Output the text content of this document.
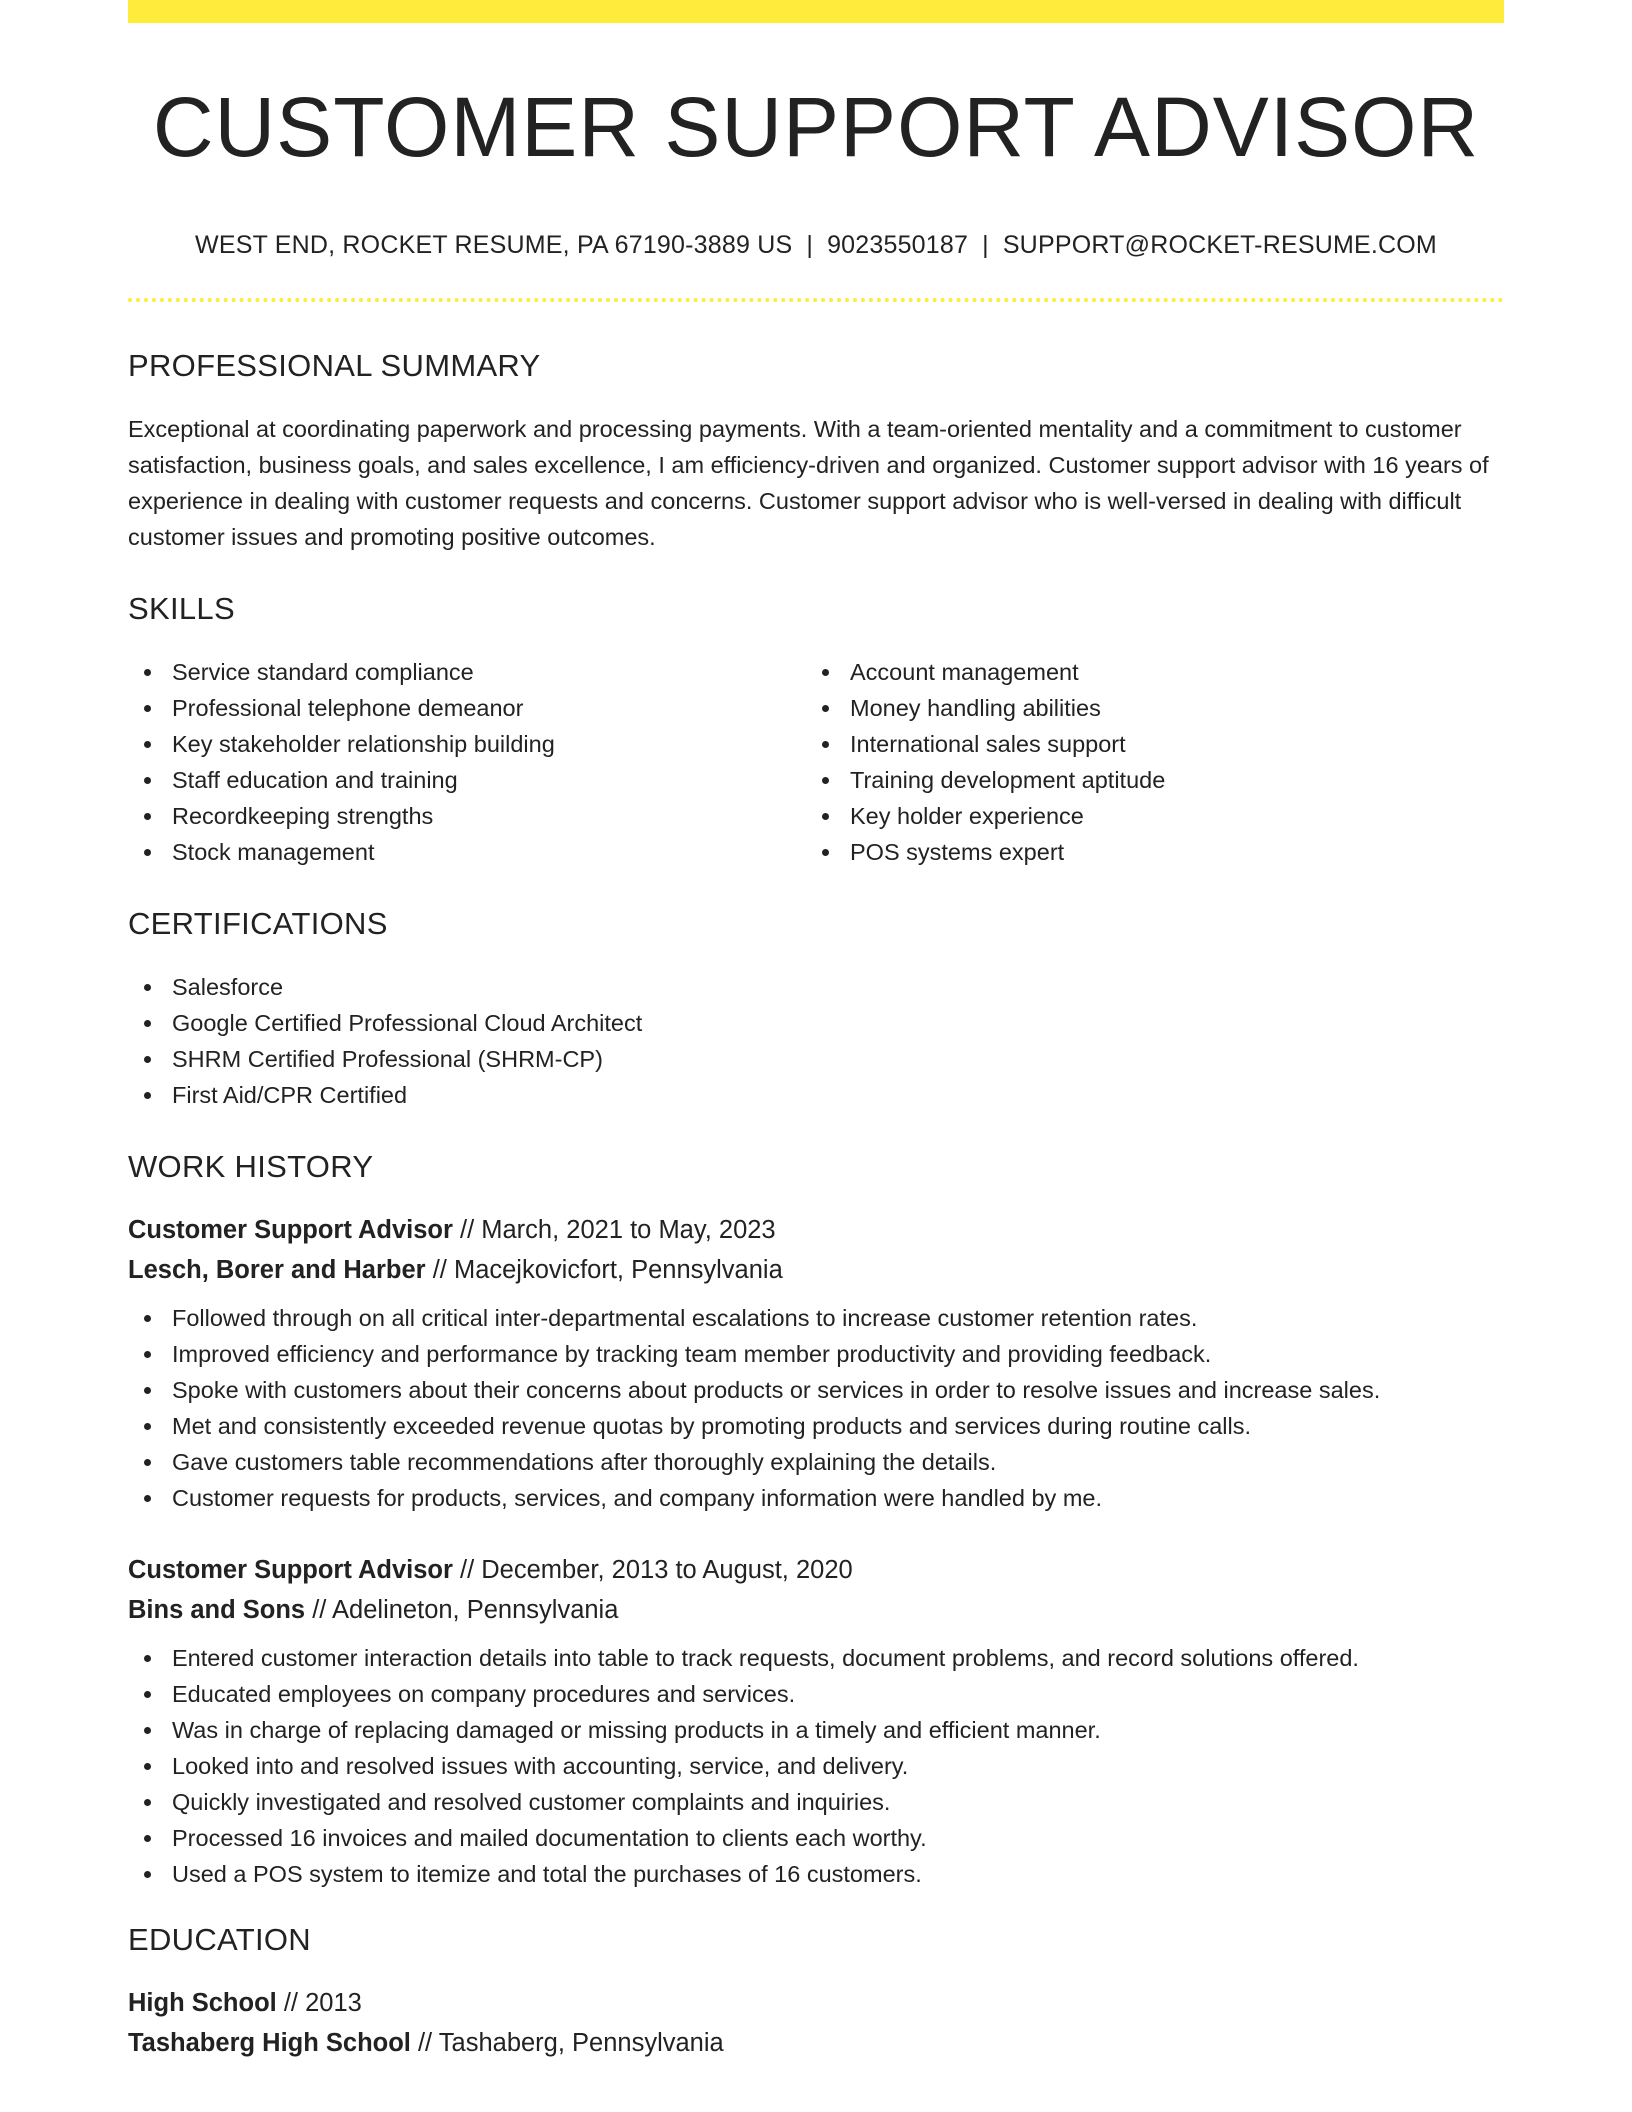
CUSTOMER SUPPORT ADVISOR
WEST END, ROCKET RESUME, PA 67190-3889 US | 9023550187 | SUPPORT@ROCKET-RESUME.COM
PROFESSIONAL SUMMARY

Exceptional at coordinating paperwork and processing payments. With a team-oriented mentality and a commitment to customer satisfaction, business goals, and sales excellence, I am efficiency-driven and organized. Customer support advisor with 16 years of experience in dealing with customer requests and concerns. Customer support advisor who is well-versed in dealing with difficult customer issues and promoting positive outcomes.

SKILLS
Service standard compliance
Professional telephone demeanor
Key stakeholder relationship building
Staff education and training
Recordkeeping strengths
Stock management
Account management
Money handling abilities
International sales support
Training development aptitude
Key holder experience
POS systems expert
CERTIFICATIONS
Salesforce
Google Certified Professional Cloud Architect
SHRM Certified Professional (SHRM-CP)
First Aid/CPR Certified
WORK HISTORY
Customer Support Advisor // March, 2021 to May, 2023
Lesch, Borer and Harber // Macejkovicfort, Pennsylvania
Followed through on all critical inter-departmental escalations to increase customer retention rates.
Improved efficiency and performance by tracking team member productivity and providing feedback.
Spoke with customers about their concerns about products or services in order to resolve issues and increase sales.
Met and consistently exceeded revenue quotas by promoting products and services during routine calls.
Gave customers table recommendations after thoroughly explaining the details.
Customer requests for products, services, and company information were handled by me.
Customer Support Advisor // December, 2013 to August, 2020
Bins and Sons // Adelineton, Pennsylvania
Entered customer interaction details into table to track requests, document problems, and record solutions offered.
Educated employees on company procedures and services.
Was in charge of replacing damaged or missing products in a timely and efficient manner.
Looked into and resolved issues with accounting, service, and delivery.
Quickly investigated and resolved customer complaints and inquiries.
Processed 16 invoices and mailed documentation to clients each worthy.
Used a POS system to itemize and total the purchases of 16 customers.
EDUCATION
High School // 2013
Tashaberg High School // Tashaberg, Pennsylvania
